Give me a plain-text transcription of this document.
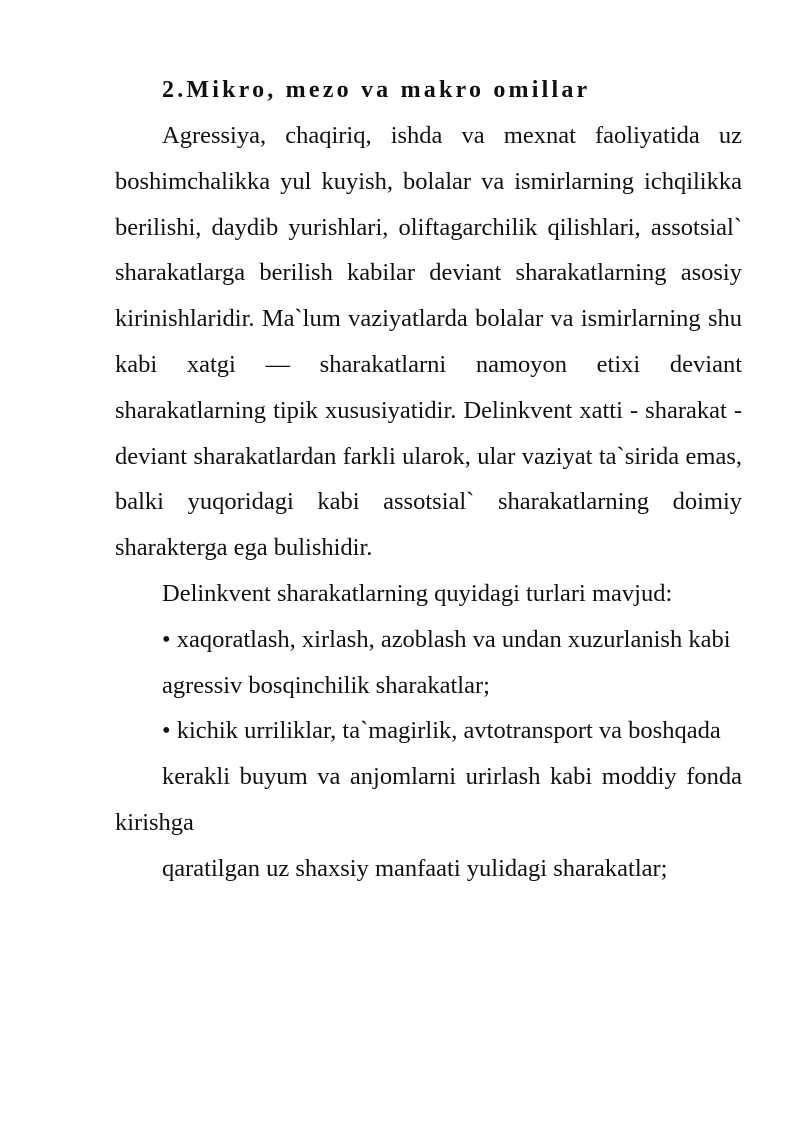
2.Mikro, mezo va makro omillar

Agressiya, chaqiriq, ishda va mexnat faoliyatida uz boshimchalikka yul kuyish, bolalar va ismirlarning ichqilikka berilishi, daydib yurishlari, oliftagarchilik qilishlari, assotsial` sharakatlarga berilish kabilar deviant sharakatlarning asosiy kirinishlaridir. Ma`lum vaziyatlarda bolalar va ismirlarning shu kabi xatgi — sharakatlarni namoyon etixi deviant sharakatlarning tipik xususiyatidir. Delinkvent xatti - sharakat - deviant sharakatlardan farkli ularok, ular vaziyat ta`sirida emas, balki yuqoridagi kabi assotsial` sharakatlarning doimiy sharakterga ega bulishidir.

Delinkvent sharakatlarning quyidagi turlari mavjud:

• xaqoratlash, xirlash, azoblash va undan xuzurlanish kabi

agressiv bosqinchilik sharakatlar;

• kichik urriliklar, ta`magirlik, avtotransport va boshqada

kerakli buyum va anjomlarni urirlash kabi moddiy fonda kirishga

qaratilgan uz shaxsiy manfaati yulidagi sharakatlar;
